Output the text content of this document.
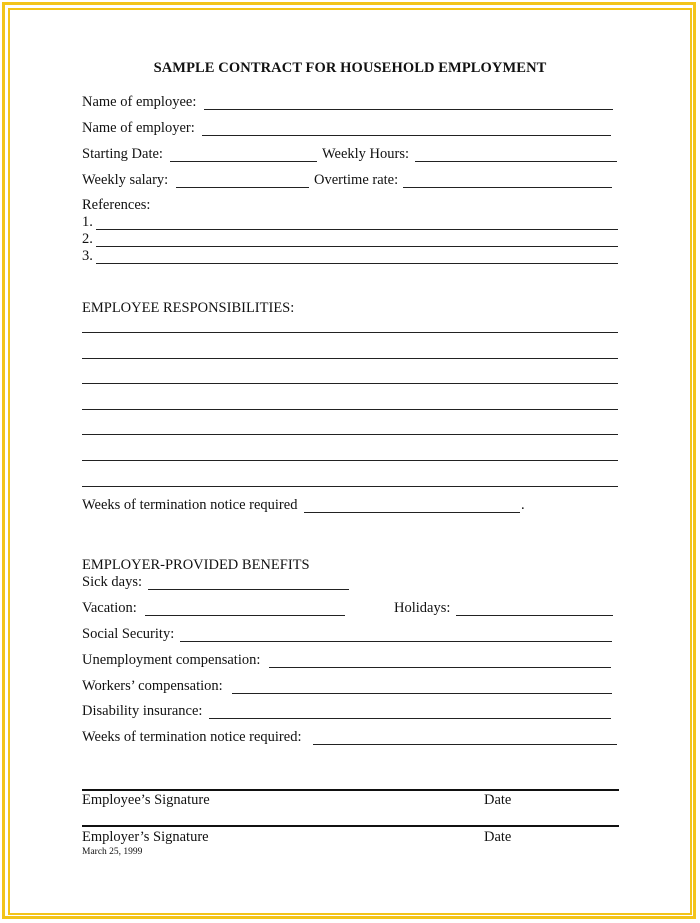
SAMPLE CONTRACT FOR HOUSEHOLD EMPLOYMENT
Name of employee:
Name of employer:
Starting Date:	Weekly Hours:
Weekly salary:	Overtime rate:
References:
1.
2.
3.
EMPLOYEE RESPONSIBILITIES:
Weeks of termination notice required	.
EMPLOYER-PROVIDED BENEFITS
Sick days:
Vacation:	Holidays:
Social Security:
Unemployment compensation:
Workers’ compensation:
Disability insurance:
Weeks of termination notice required:
Employee’s Signature	Date
Employer’s Signature	Date
March 25, 1999
